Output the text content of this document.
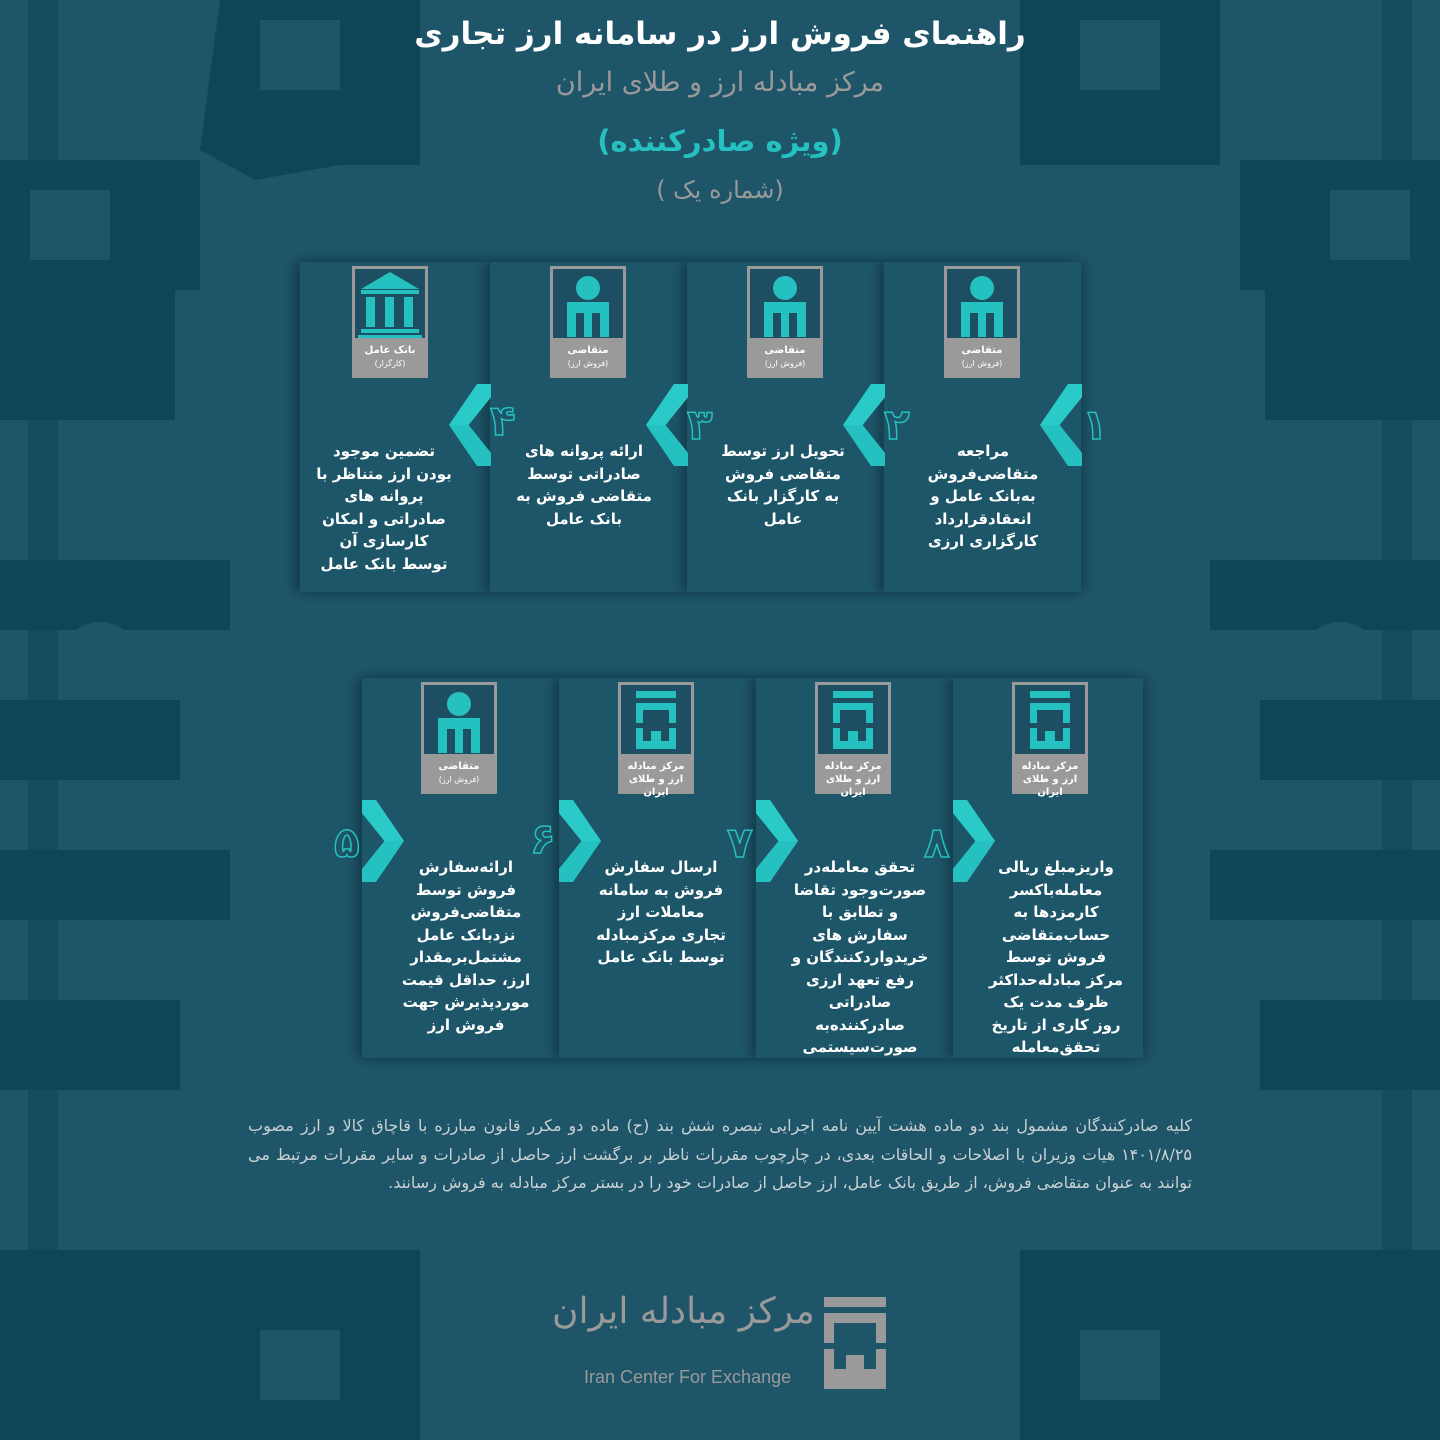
راهنمای فروش ارز در سامانه ارز تجاری
مرکز مبادله ارز و طلای ایران
(ویژه صادرکننده)
(شماره یک )
متقاضی
(فروش ارز)
۱
مراجعه متقاضی‌فروش به‌بانک عامل و انعقادقرارداد کارگزاری ارزی
متقاضی
(فروش ارز)
۲
تحویل ارز توسط متقاضی فروش به کارگزار بانک عامل
متقاضی
(فروش ارز)
۳
ارائه پروانه های صادراتی توسط متقاضی فروش به بانک عامل
بانک عامل
(کارگزار)
۴
تضمین موجود بودن ارز متناظر با پروانه های صادراتی و امکان کارسازی آن توسط بانک عامل
متقاضی
(فروش ارز)
۵	ارائه‌سفارش فروش توسط متقاضی‌فروش نزدبانک عامل مشتمل‌برمقدار ارز، حداقل قیمت موردپذیرش جهت فروش ارز
مرکز مبادله
ارز و طلای ایران
۶
ارسال سفارش فروش به سامانه معاملات ارز تجاری مرکزمبادله توسط بانک عامل
مرکز مبادله
ارز و طلای ایران
۷	تحقق معامله‌در صورت‌وجود تقاضا و تطابق با سفارش های خریدواردکنندگان و رفع تعهد ارزی صادراتی صادرکننده‌به صورت‌سیستمی
مرکز مبادله
ارز و طلای ایران
۸	واریزمبلغ ریالی معامله‌باکسر کارمزدها به حساب‌متقاضی فروش توسط مرکز مبادله‌حداکثر ظرف مدت یک روز کاری از تاریخ تحقق‌معامله
کلیه صادرکنندگان مشمول بند دو ماده هشت آیین نامه اجرایی تبصره شش بند (ح) ماده دو مکرر قانون مبارزه با قاچاق کالا و ارز مصوب ۱۴۰۱/۸/۲۵ هیات وزیران با اصلاحات و الحاقات بعدی، در چارچوب مقررات ناظر بر برگشت ارز حاصل از صادرات و سایر مقررات مرتبط می توانند به عنوان متقاضی فروش، از طریق بانک عامل، ارز حاصل از صادرات خود را در بستر مرکز مبادله به فروش رسانند.
مرکز مبادله ایران
Iran Center For Exchange
